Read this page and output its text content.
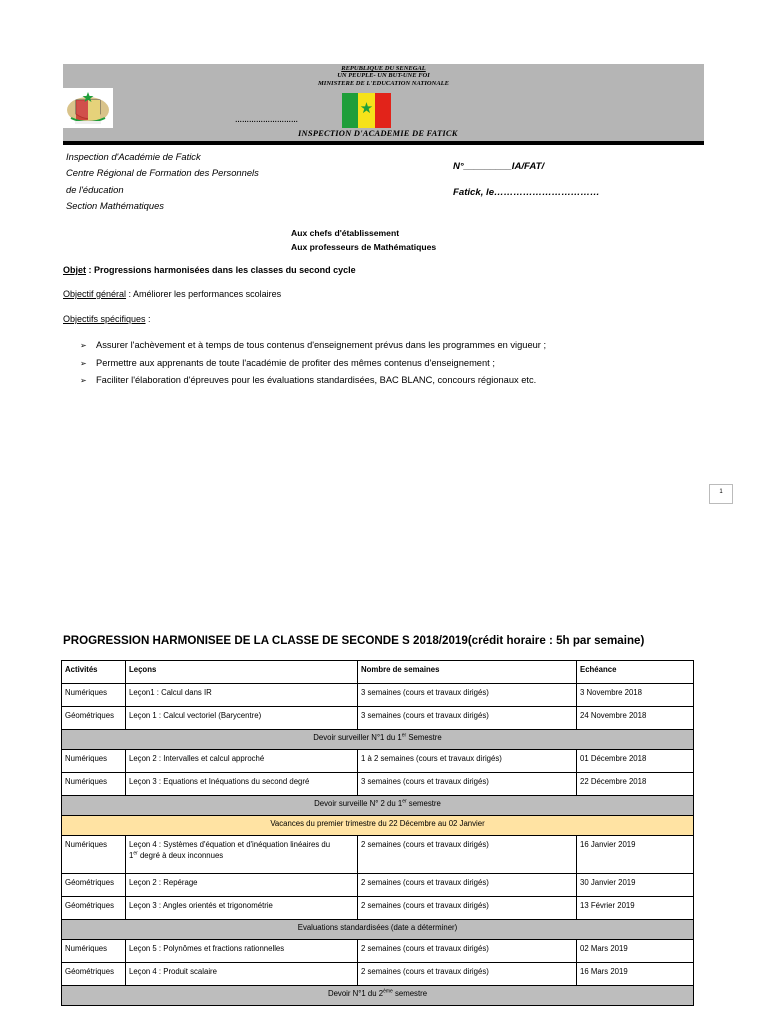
REPUBLIQUE DU SENEGAL
UN PEUPLE- UN BUT-UNE FOI
MINISTERE DE L'EDUCATION NATIONALE
★
………………………
INSPECTION D'ACADEMIE DE FATICK
Inspection d'Académie de Fatick
Centre Régional de Formation des Personnels
de l'éducation
Section Mathématiques
N°_________IA/FAT/
Fatick, le……………………………
Aux chefs d'établissement
Aux professeurs de Mathématiques
Objet : Progressions harmonisées dans les classes du second cycle
Objectif général : Améliorer les performances scolaires
Objectifs spécifiques :
➢ Assurer l'achèvement et à temps de tous contenus d'enseignement prévus dans les programmes en vigueur ;
➢ Permettre aux apprenants de toute l'académie de profiter des mêmes contenus d'enseignement ;
➢ Faciliter l'élaboration d'épreuves pour les évaluations standardisées, BAC BLANC, concours régionaux etc.
1
PROGRESSION HARMONISEE DE LA CLASSE DE SECONDE S 2018/2019(crédit horaire : 5h par semaine)
Activités	Leçons	Nombre de semaines	Echéance
Numériques	Leçon1 : Calcul dans IR	3 semaines (cours et travaux dirigés)	3 Novembre 2018
Géométriques	Leçon 1 : Calcul vectoriel (Barycentre)	3 semaines (cours et travaux dirigés)	24 Novembre 2018
Devoir surveiller N°1 du 1er Semestre			
Numériques	Leçon 2 : Intervalles et calcul approché	1 à 2 semaines (cours et travaux dirigés)	01 Décembre 2018
Numériques	Leçon 3 : Equations et Inéquations du second degré	3 semaines (cours et travaux dirigés)	22 Décembre 2018
Devoir surveille N° 2 du 1er semestre			
Vacances du premier trimestre du 22 Décembre au 02 Janvier			
Numériques	Leçon 4 : Systèmes d'équation et d'inéquation linéaires du
1er degré à deux inconnues	2 semaines (cours et travaux dirigés)	16 Janvier 2019
Géométriques	Leçon 2 : Repérage	2 semaines (cours et travaux dirigés)	30 Janvier 2019
Géométriques	Leçon 3 : Angles orientés et trigonométrie	2 semaines (cours et travaux dirigés)	13 Février 2019
Evaluations standardisées (date a déterminer)			
Numériques	Leçon 5 : Polynômes et fractions rationnelles	2 semaines (cours et travaux dirigés)	02 Mars 2019
Géométriques	Leçon 4 : Produit scalaire	2 semaines (cours et travaux dirigés)	16 Mars 2019
Devoir N°1 du 2ème semestre			
